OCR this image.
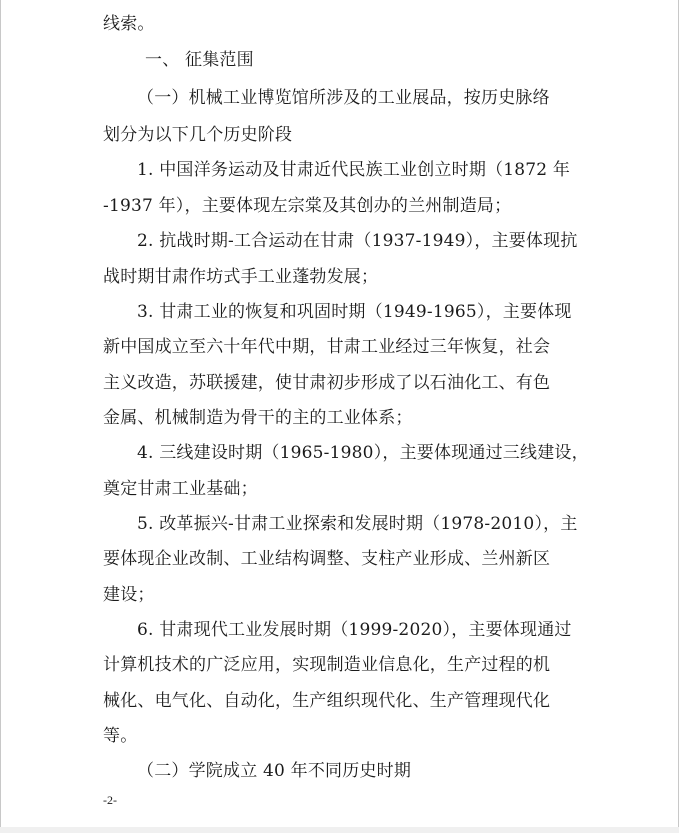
线索。
一、 征集范围
（一）机械工业博览馆所涉及的工业展品，按历史脉络
划分为以下几个历史阶段
1. 中国洋务运动及甘肃近代民族工业创立时期（1872 年
-1937 年），主要体现左宗棠及其创办的兰州制造局；
2. 抗战时期-工合运动在甘肃（1937-1949），主要体现抗
战时期甘肃作坊式手工业蓬勃发展；
3. 甘肃工业的恢复和巩固时期（1949-1965），主要体现
新中国成立至六十年代中期，甘肃工业经过三年恢复，社会
主义改造，苏联援建，使甘肃初步形成了以石油化工、有色
金属、机械制造为骨干的主的工业体系；
4. 三线建设时期（1965-1980），主要体现通过三线建设，
奠定甘肃工业基础；
5. 改革振兴-甘肃工业探索和发展时期（1978-2010），主
要体现企业改制、工业结构调整、支柱产业形成、兰州新区
建设；
6. 甘肃现代工业发展时期（1999-2020），主要体现通过
计算机技术的广泛应用，实现制造业信息化，生产过程的机
械化、电气化、自动化，生产组织现代化、生产管理现代化
等。
（二）学院成立 40 年不同历史时期
-2-
